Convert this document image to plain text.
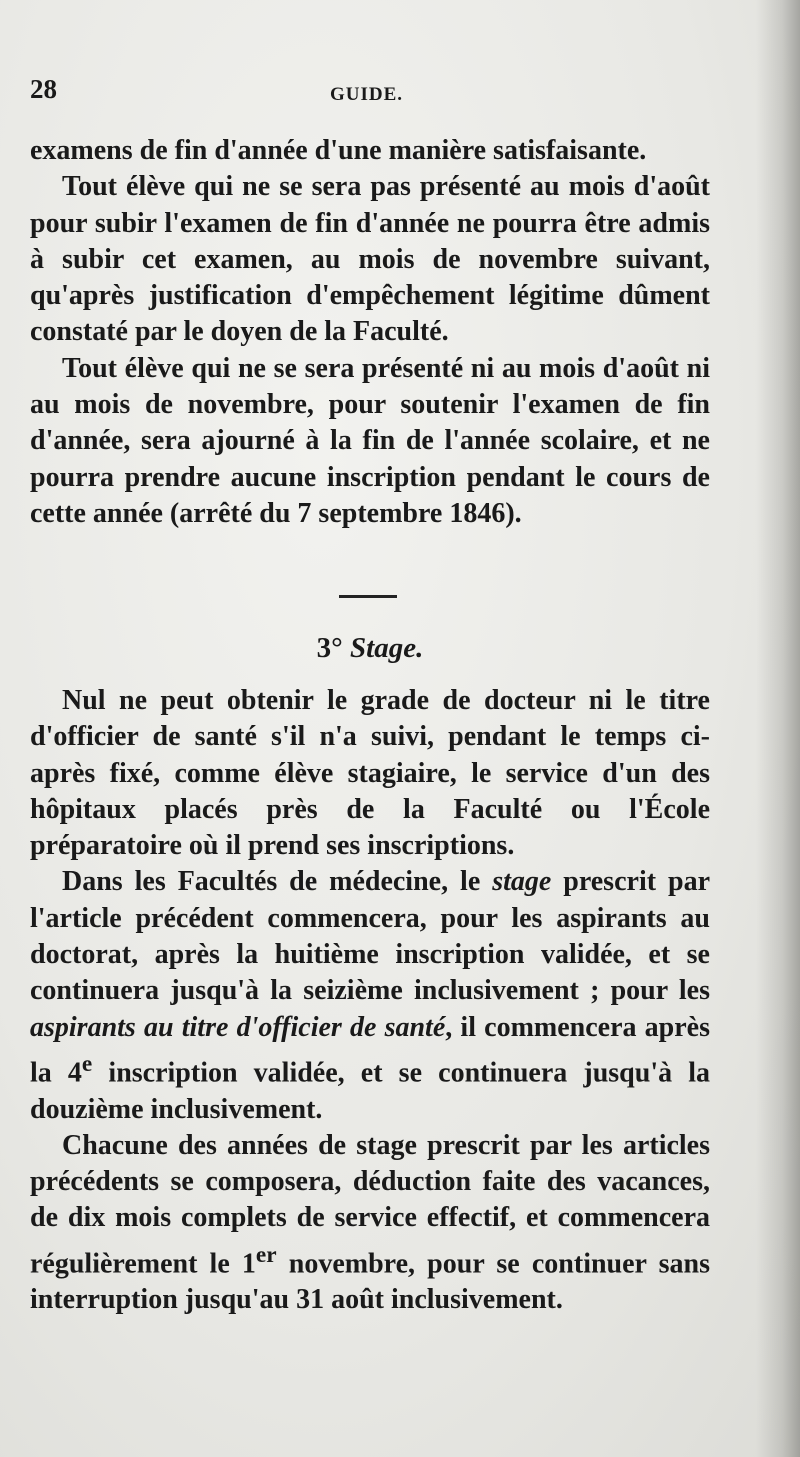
28	GUIDE.

examens de fin d'année d'une manière satisfaisante.

Tout élève qui ne se sera pas présenté au mois d'août pour subir l'examen de fin d'année ne pourra être admis à subir cet examen, au mois de novembre suivant, qu'après justification d'empêchement légitime dûment constaté par le doyen de la Faculté.

Tout élève qui ne se sera présenté ni au mois d'août ni au mois de novembre, pour soutenir l'examen de fin d'année, sera ajourné à la fin de l'année scolaire, et ne pourra prendre aucune inscription pendant le cours de cette année (arrêté du 7 septembre 1846).

3° Stage.

Nul ne peut obtenir le grade de docteur ni le titre d'officier de santé s'il n'a suivi, pendant le temps ci-après fixé, comme élève stagiaire, le service d'un des hôpitaux placés près de la Faculté ou l'École préparatoire où il prend ses inscriptions.

Dans les Facultés de médecine, le stage prescrit par l'article précédent commencera, pour les aspirants au doctorat, après la huitième inscription validée, et se continuera jusqu'à la seizième inclusivement ; pour les aspirants au titre d'officier de santé, il commencera après la 4e inscription validée, et se continuera jusqu'à la douzième inclusivement.

Chacune des années de stage prescrit par les articles précédents se composera, déduction faite des vacances, de dix mois complets de service effectif, et commencera régulièrement le 1er novembre, pour se continuer sans interruption jusqu'au 31 août inclusivement.
